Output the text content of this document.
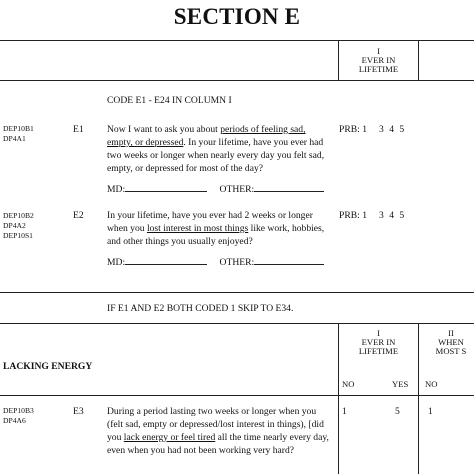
SECTION E
I
EVER IN
LIFETIME
CODE E1 - E24 IN COLUMN I
DEP10B1
DP4A1
E1 Now I want to ask you about periods of feeling sad, empty, or depressed. In your lifetime, have you ever had two weeks or longer when nearly every day you felt sad, empty, or depressed for most of the day?
MD:	OTHER:
PRB: 1 3 4 5
DEP10B2
DP4A2
DEP10S1
E2 In your lifetime, have you ever had 2 weeks or longer when you lost interest in most things like work, hobbies, and other things you usually enjoyed?
MD:	OTHER:
PRB: 1 3 4 5
IF E1 AND E2 BOTH CODED 1 SKIP TO E34.
I
EVER IN
LIFETIME
II
WHEN
MOST S
LACKING ENERGY
NO	YES NO
DEP10B3
DP4A6
E3 During a period lasting two weeks or longer when you (felt sad, empty or depressed/lost interest in things), [did you lack energy or feel tired all the time nearly every day, even when you had not been working very hard?
1	5	1
